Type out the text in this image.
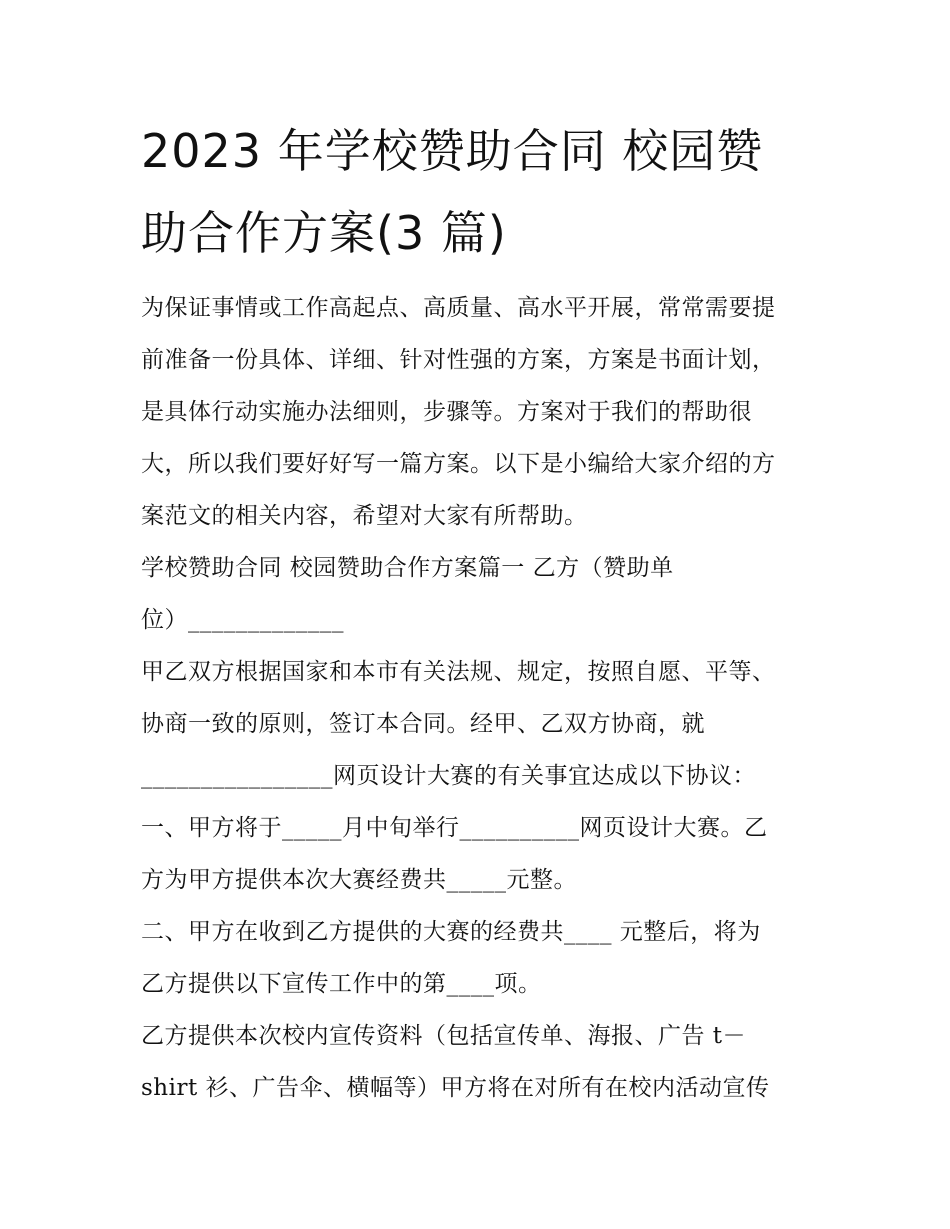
2023 年学校赞助合同 校园赞
助合作方案(3 篇)
为保证事情或工作高起点、高质量、高水平开展，常常需要提
前准备一份具体、详细、针对性强的方案，方案是书面计划，
是具体行动实施办法细则，步骤等。方案对于我们的帮助很
大，所以我们要好好写一篇方案。以下是小编给大家介绍的方
案范文的相关内容，希望对大家有所帮助。
学校赞助合同 校园赞助合作方案篇一 乙方（赞助单
位）_____________
甲乙双方根据国家和本市有关法规、规定，按照自愿、平等、
协商一致的原则，签订本合同。经甲、乙双方协商，就
________________网页设计大赛的有关事宜达成以下协议：
一、甲方将于_____月中旬举行__________网页设计大赛。乙
方为甲方提供本次大赛经费共_____元整。
二、甲方在收到乙方提供的大赛的经费共____ 元整后，将为
乙方提供以下宣传工作中的第____项。
乙方提供本次校内宣传资料（包括宣传单、海报、广告 t－
shirt 衫、广告伞、横幅等）甲方将在对所有在校内活动宣传
